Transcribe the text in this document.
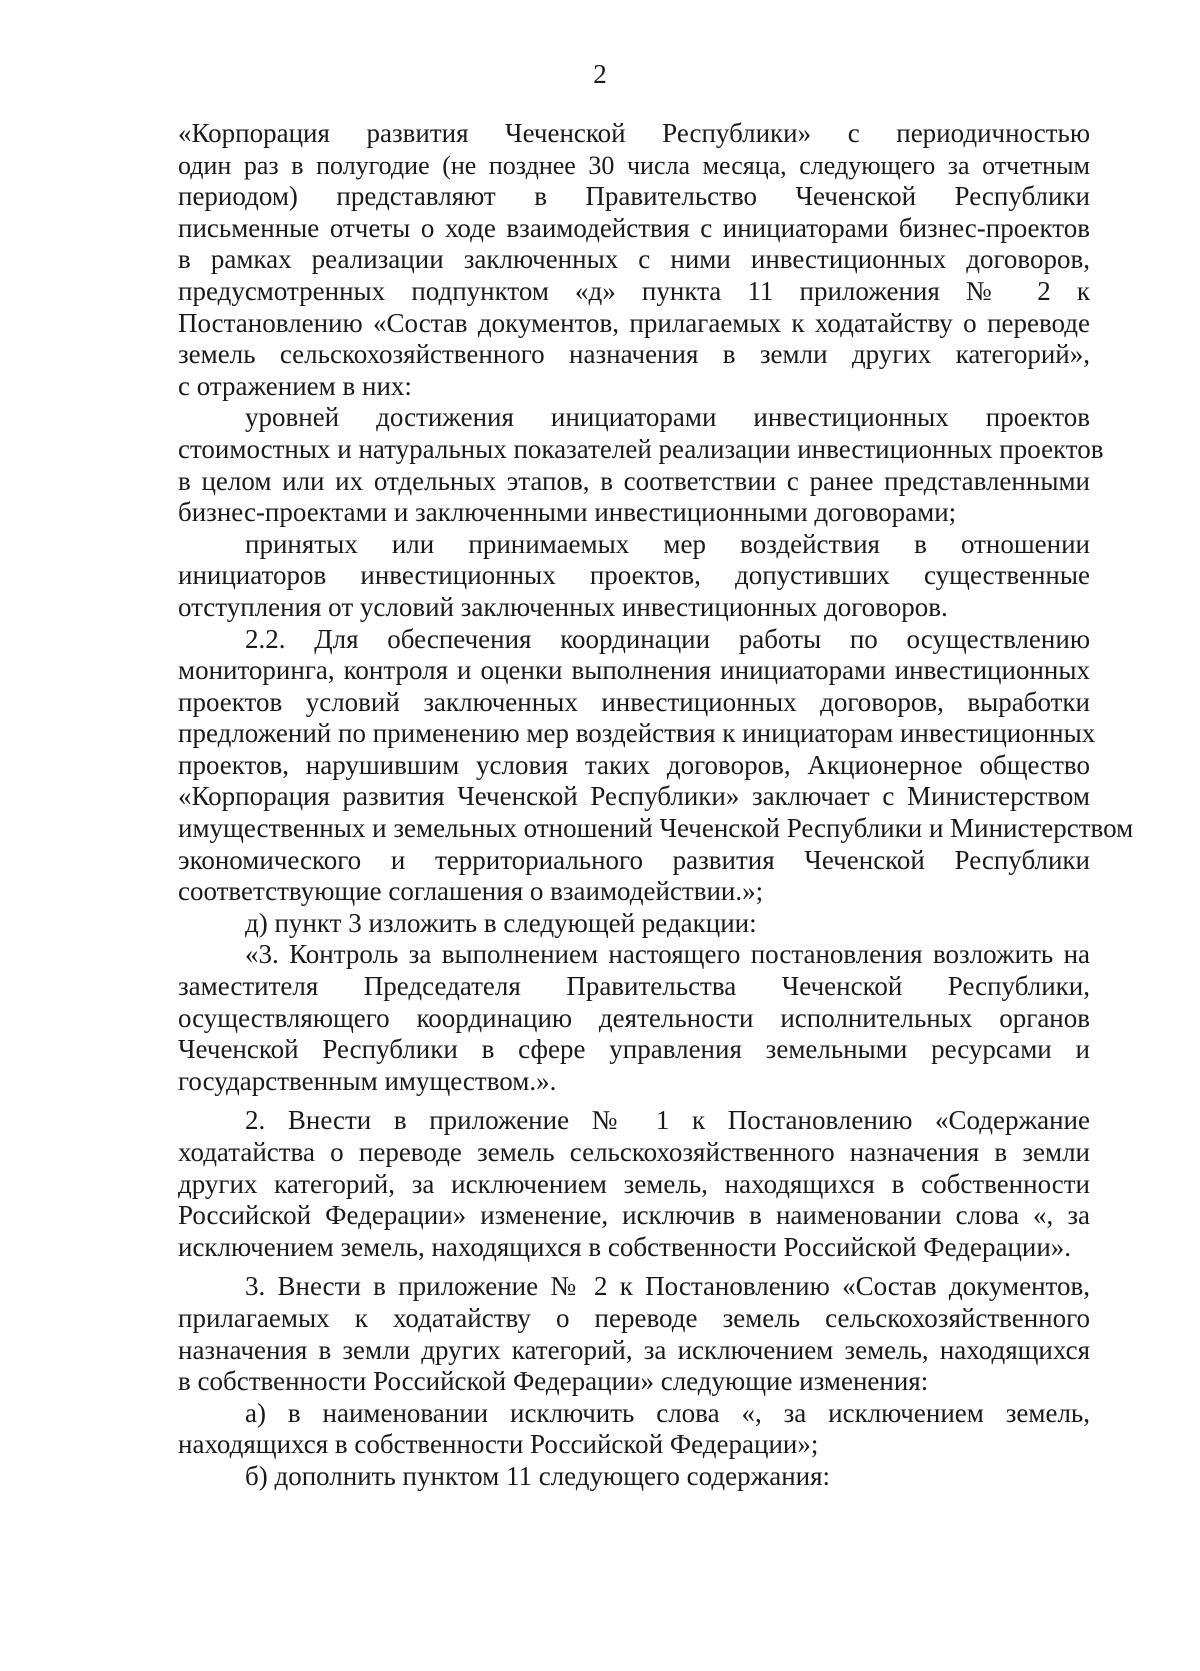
2
«Корпорация развития Чеченской Республики» с периодичностью
один раз в полугодие (не позднее 30 числа месяца, следующего за отчетным
периодом) представляют в Правительство Чеченской Республики
письменные отчеты о ходе взаимодействия с инициаторами бизнес-проектов
в рамках реализации заключенных с ними инвестиционных договоров,
предусмотренных подпунктом «д» пункта 11 приложения № 2 к
Постановлению «Состав документов, прилагаемых к ходатайству о переводе
земель сельскохозяйственного назначения в земли других категорий»,
с отражением в них:
уровней достижения инициаторами инвестиционных проектов
стоимостных и натуральных показателей реализации инвестиционных проектов
в целом или их отдельных этапов, в соответствии с ранее представленными
бизнес-проектами и заключенными инвестиционными договорами;
принятых или принимаемых мер воздействия в отношении
инициаторов инвестиционных проектов, допустивших существенные
отступления от условий заключенных инвестиционных договоров.
2.2. Для обеспечения координации работы по осуществлению
мониторинга, контроля и оценки выполнения инициаторами инвестиционных
проектов условий заключенных инвестиционных договоров, выработки
предложений по применению мер воздействия к инициаторам инвестиционных
проектов, нарушившим условия таких договоров, Акционерное общество
«Корпорация развития Чеченской Республики» заключает с Министерством
имущественных и земельных отношений Чеченской Республики и Министерством
экономического и территориального развития Чеченской Республики
соответствующие соглашения о взаимодействии.»;
д) пункт 3 изложить в следующей редакции:
«3. Контроль за выполнением настоящего постановления возложить на
заместителя Председателя Правительства Чеченской Республики,
осуществляющего координацию деятельности исполнительных органов
Чеченской Республики в сфере управления земельными ресурсами и
государственным имуществом.».
2. Внести в приложение № 1 к Постановлению «Содержание
ходатайства о переводе земель сельскохозяйственного назначения в земли
других категорий, за исключением земель, находящихся в собственности
Российской Федерации» изменение, исключив в наименовании слова «, за
исключением земель, находящихся в собственности Российской Федерации».
3. Внести в приложение № 2 к Постановлению «Состав документов,
прилагаемых к ходатайству о переводе земель сельскохозяйственного
назначения в земли других категорий, за исключением земель, находящихся
в собственности Российской Федерации» следующие изменения:
а) в наименовании исключить слова «, за исключением земель,
находящихся в собственности Российской Федерации»;
б) дополнить пунктом 11 следующего содержания:
